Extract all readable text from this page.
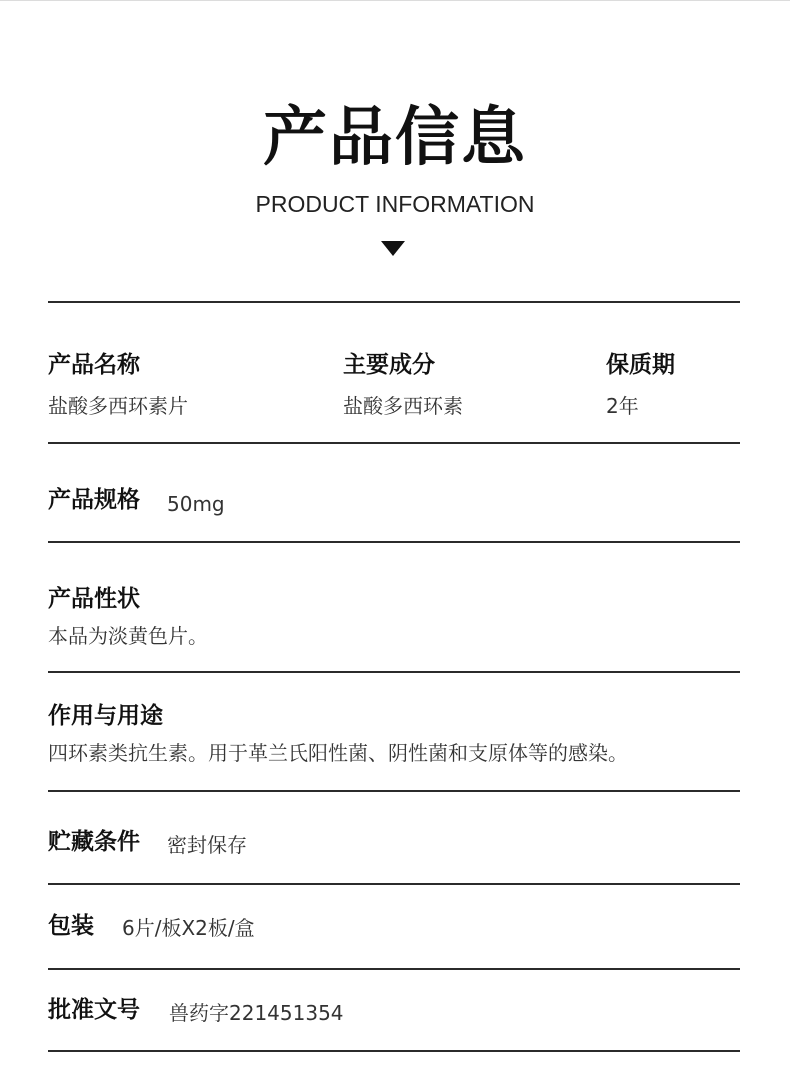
产品信息
PRODUCT INFORMATION
产品名称
盐酸多西环素片
主要成分
盐酸多西环素
保质期
2年
产品规格 50mg
产品性状
本品为淡黄色片。
作用与用途
四环素类抗生素。用于革兰氏阳性菌、阴性菌和支原体等的感染。
贮藏条件 密封保存
包装 6片/板X2板/盒
批准文号 兽药字221451354
